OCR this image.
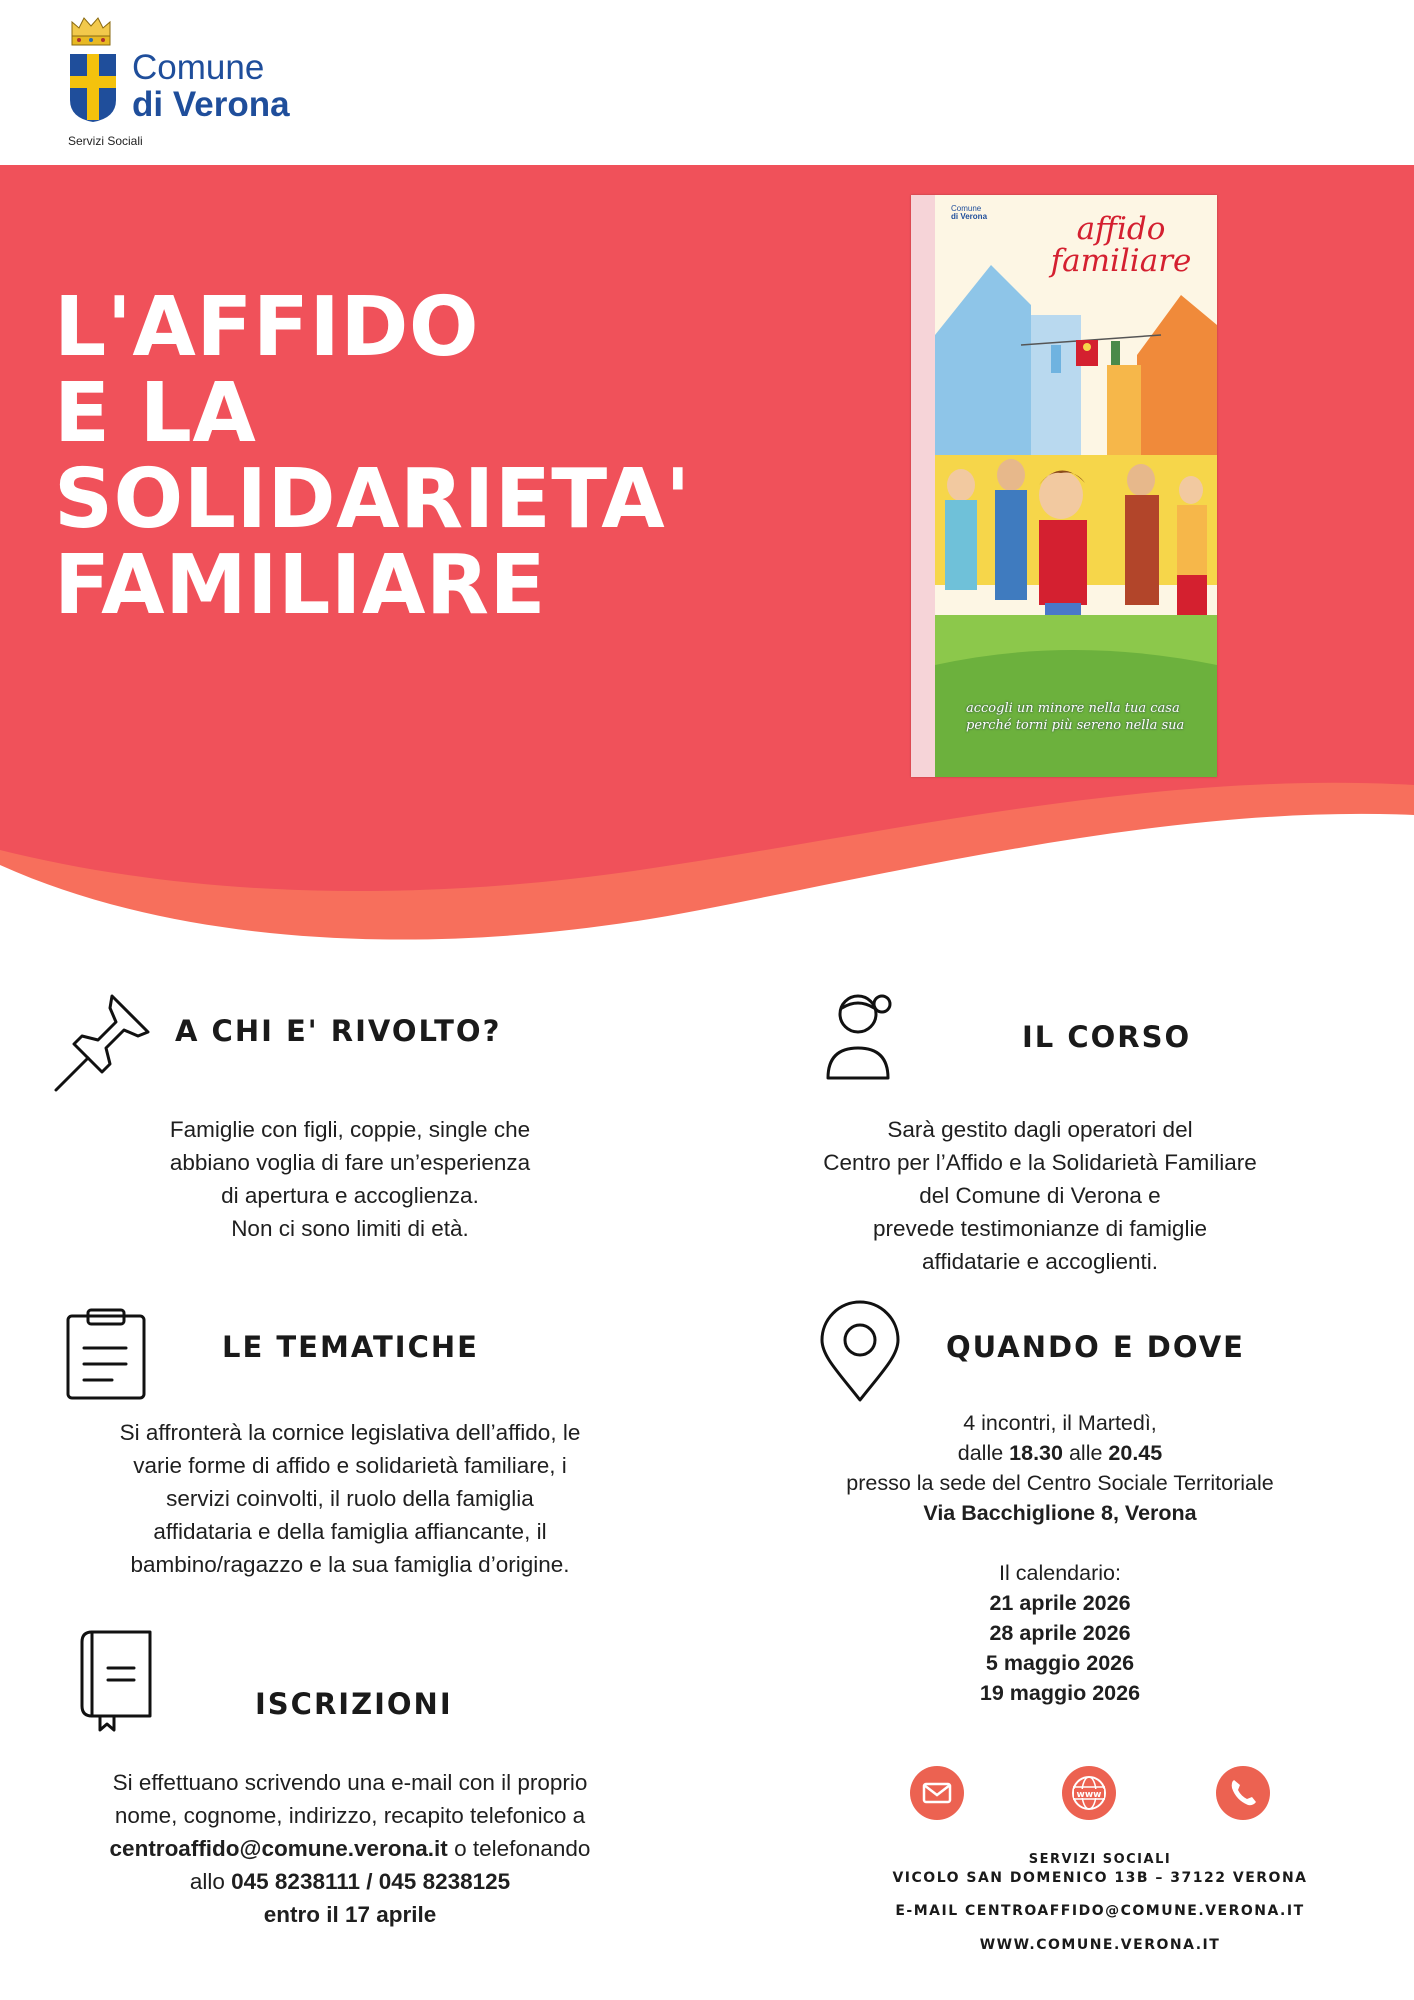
Comune
di Verona
Servizi Sociali
L'AFFIDO
E LA
SOLIDARIETA'
FAMILIARE
Comune
di Verona	affido
familiare
accogli un minore nella tua casa
perché torni più sereno nella sua
A CHI E' RIVOLTO?
Famiglie con figli, coppie, single che
abbiano voglia di fare un’esperienza
di apertura e accoglienza.
Non ci sono limiti di età.
IL CORSO
Sarà gestito dagli operatori del
Centro per l’Affido e la Solidarietà Familiare
del Comune di Verona e
prevede testimonianze di famiglie
affidatarie e accoglienti.
LE TEMATICHE
Si affronterà la cornice legislativa dell’affido, le
varie forme di affido e solidarietà familiare, i
servizi coinvolti, il ruolo della famiglia
affidataria e della famiglia affiancante, il
bambino/ragazzo e la sua famiglia d’origine.
QUANDO E DOVE
4 incontri, il Martedì,
dalle 18.30 alle 20.45
presso la sede del Centro Sociale Territoriale
Via Bacchiglione 8, Verona
Il calendario:
21 aprile 2026
28 aprile 2026
5 maggio 2026
19 maggio 2026
ISCRIZIONI
Si effettuano scrivendo una e-mail con il proprio
nome, cognome, indirizzo, recapito telefonico a
centroaffido@comune.verona.it o telefonando
allo 045 8238111 / 045 8238125
entro il 17 aprile
www
SERVIZI SOCIALI
VICOLO SAN DOMENICO 13B – 37122 VERONA
E-MAIL CENTROAFFIDO@COMUNE.VERONA.IT
WWW.COMUNE.VERONA.IT
